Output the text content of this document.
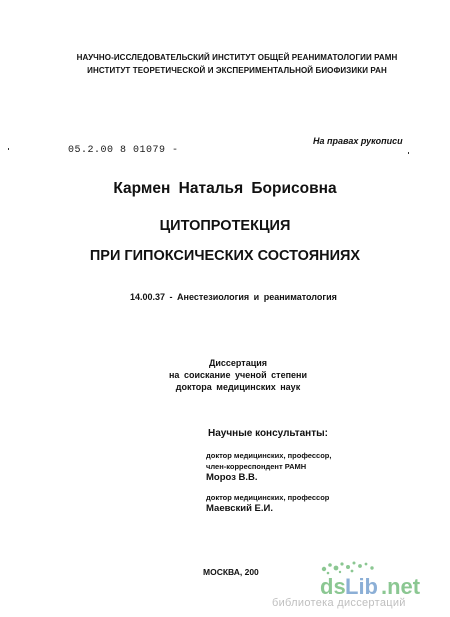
НАУЧНО-ИССЛЕДОВАТЕЛЬСКИЙ ИНСТИТУТ ОБЩЕЙ РЕАНИМАТОЛОГИИ РАМН
ИНСТИТУТ ТЕОРЕТИЧЕСКОЙ И ЭКСПЕРИМЕНТАЛЬНОЙ БИОФИЗИКИ РАН
05.2.00 8 01079 -
На правах рукописи
Кармен Наталья Борисовна
ЦИТОПРОТЕКЦИЯ
ПРИ ГИПОКСИЧЕСКИХ СОСТОЯНИЯХ
14.00.37 - Анестезиология и реаниматология
Диссертация
на соискание ученой степени
доктора медицинских наук
Научные консультанты:
доктор медицинских, профессор,
член-корреспондент РАМН
Мороз В.В.
доктор медицинских, профессор
Маевский Е.И.
МОСКВА, 200
ds Lib .net
библиотека диссертаций
